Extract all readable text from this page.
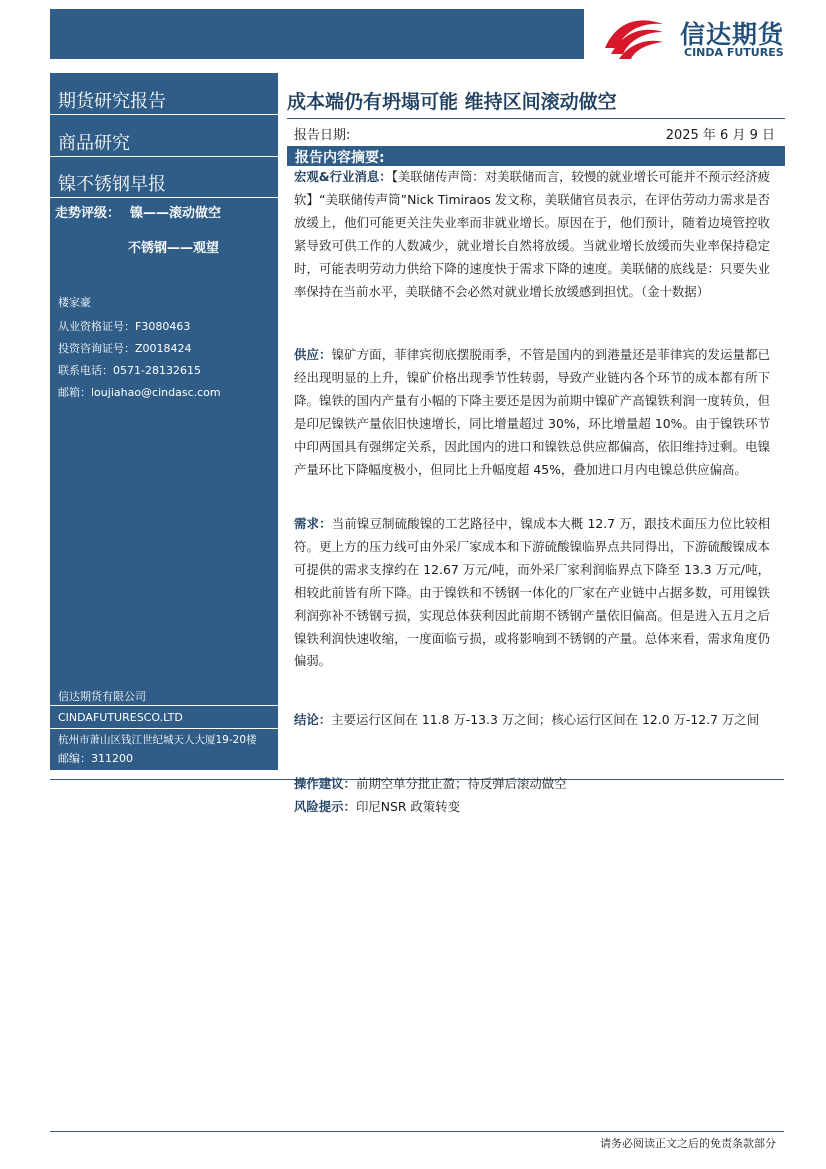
信达期货
CINDA FUTURES
期货研究报告
商品研究
镍不锈钢早报
走势评级： 镍——滚动做空
不锈钢——观望
楼家豪
从业资格证号：F3080463
投资咨询证号：Z0018424
联系电话：0571-28132615
邮箱：loujiahao@cindasc.com
信达期货有限公司
CINDAFUTURESCO.LTD
杭州市萧山区钱江世纪城天人大厦19-20楼
邮编：311200
成本端仍有坍塌可能 维持区间滚动做空
报告日期:	2025 年 6 月 9 日
报告内容摘要:
宏观&行业消息：【美联储传声筒：对美联储而言，较慢的就业增长可能并不预示经济疲软】“美联储传声筒”Nick Timiraos 发文称，美联储官员表示，在评估劳动力需求是否放缓上，他们可能更关注失业率而非就业增长。原因在于，他们预计，随着边境管控收紧导致可供工作的人数减少，就业增长自然将放缓。当就业增长放缓而失业率保持稳定时，可能表明劳动力供给下降的速度快于需求下降的速度。美联储的底线是：只要失业率保持在当前水平，美联储不会必然对就业增长放缓感到担忧。（金十数据）
供应：镍矿方面，菲律宾彻底摆脱雨季，不管是国内的到港量还是菲律宾的发运量都已经出现明显的上升，镍矿价格出现季节性转弱，导致产业链内各个环节的成本都有所下降。镍铁的国内产量有小幅的下降主要还是因为前期中镍矿产高镍铁利润一度转负，但是印尼镍铁产量依旧快速增长，同比增量超过 30%，环比增量超 10%。由于镍铁环节中印两国具有强绑定关系，因此国内的进口和镍铁总供应都偏高，依旧维持过剩。电镍产量环比下降幅度极小，但同比上升幅度超 45%，叠加进口月内电镍总供应偏高。
需求：当前镍豆制硫酸镍的工艺路径中，镍成本大概 12.7 万，跟技术面压力位比较相符。更上方的压力线可由外采厂家成本和下游硫酸镍临界点共同得出，下游硫酸镍成本可提供的需求支撑约在 12.67 万元/吨，而外采厂家利润临界点下降至 13.3 万元/吨，相较此前皆有所下降。由于镍铁和不锈钢一体化的厂家在产业链中占据多数，可用镍铁利润弥补不锈钢亏损，实现总体获利因此前期不锈钢产量依旧偏高。但是进入五月之后镍铁利润快速收缩，一度面临亏损，或将影响到不锈钢的产量。总体来看，需求角度仍偏弱。
结论：主要运行区间在 11.8 万-13.3 万之间；核心运行区间在 12.0 万-12.7 万之间
操作建议：前期空单分批止盈；待反弹后滚动做空
风险提示：印尼NSR 政策转变
请务必阅读正文之后的免责条款部分
